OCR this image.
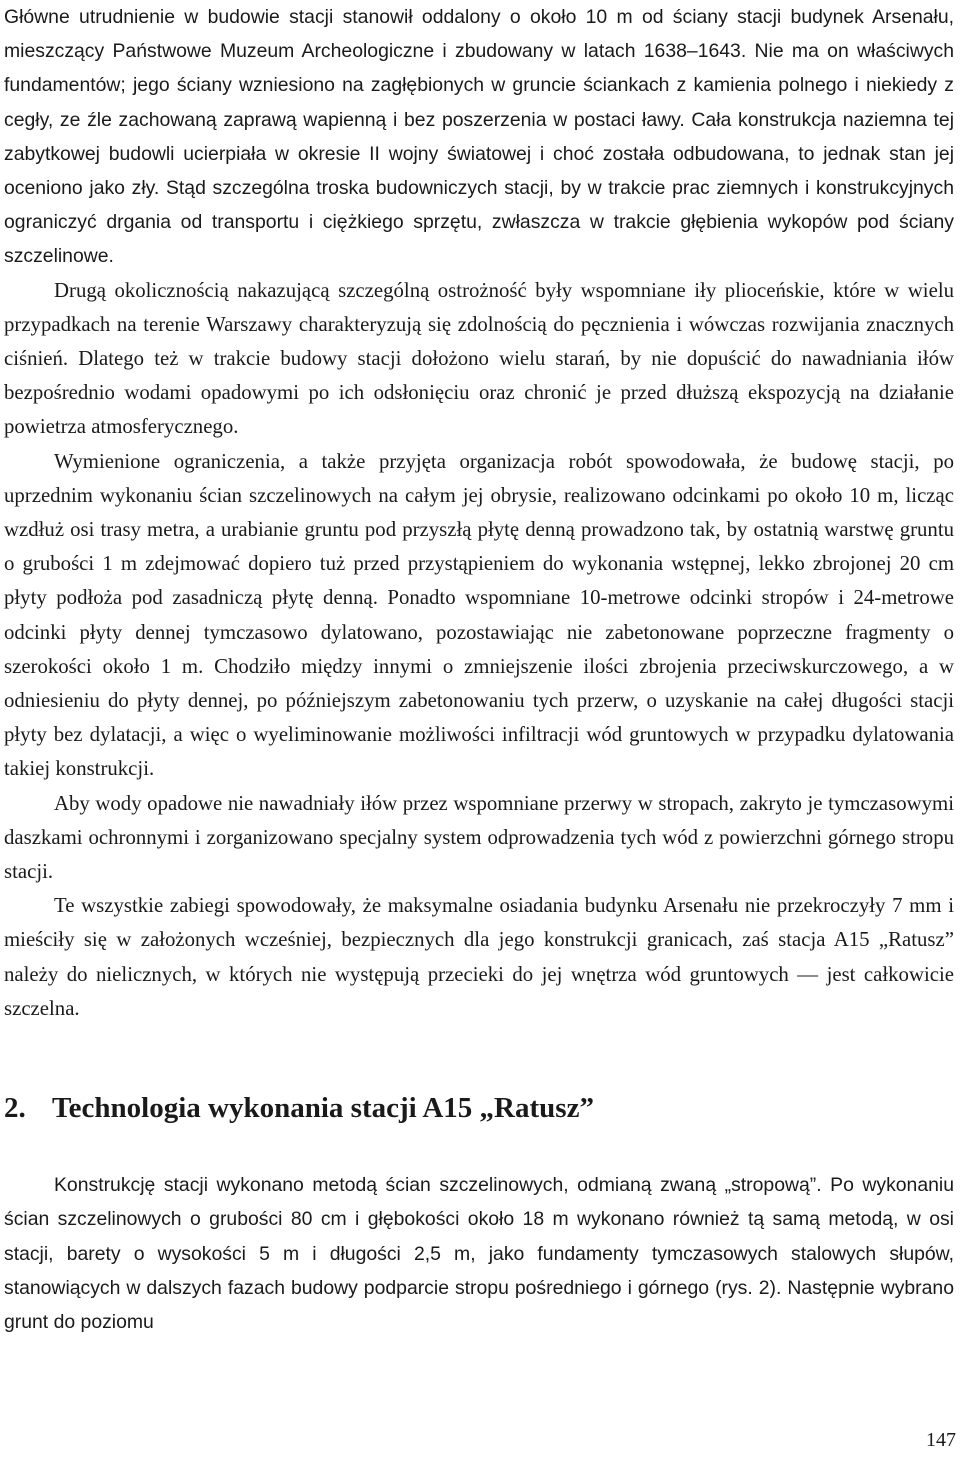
Główne utrudnienie w budowie stacji stanowił oddalony o około 10 m od ściany stacji budynek Arsenału, mieszczący Państwowe Muzeum Archeologiczne i zbudowany w latach 1638–1643. Nie ma on właściwych fundamentów; jego ściany wzniesiono na zagłębionych w gruncie ściankach z kamienia polnego i niekiedy z cegły, ze źle zachowaną zaprawą wapienną i bez poszerzenia w postaci ławy. Cała konstrukcja naziemna tej zabytkowej budowli ucierpiała w okresie II wojny światowej i choć została odbudowana, to jednak stan jej oceniono jako zły. Stąd szczególna troska budowniczych stacji, by w trakcie prac ziemnych i konstrukcyjnych ograniczyć drgania od transportu i ciężkiego sprzętu, zwłaszcza w trakcie głębienia wykopów pod ściany szczelinowe.

Drugą okolicznością nakazującą szczególną ostrożność były wspomniane iły plioceńskie, które w wielu przypadkach na terenie Warszawy charakteryzują się zdolnością do pęcznienia i wówczas rozwijania znacznych ciśnień. Dlatego też w trakcie budowy stacji dołożono wielu starań, by nie dopuścić do nawadniania iłów bezpośrednio wodami opadowymi po ich odsłonięciu oraz chronić je przed dłuższą ekspozycją na działanie powietrza atmosferycznego.

Wymienione ograniczenia, a także przyjęta organizacja robót spowodowała, że budowę stacji, po uprzednim wykonaniu ścian szczelinowych na całym jej obrysie, realizowano odcinkami po około 10 m, licząc wzdłuż osi trasy metra, a urabianie gruntu pod przyszłą płytę denną prowadzono tak, by ostatnią warstwę gruntu o grubości 1 m zdejmować dopiero tuż przed przystąpieniem do wykonania wstępnej, lekko zbrojonej 20 cm płyty podłoża pod zasadniczą płytę denną. Ponadto wspomniane 10-metrowe odcinki stropów i 24-metrowe odcinki płyty dennej tymczasowo dylatowano, pozostawiając nie zabetonowane poprzeczne fragmenty o szerokości około 1 m. Chodziło między innymi o zmniejszenie ilości zbrojenia przeciwskurczowego, a w odniesieniu do płyty dennej, po późniejszym zabetonowaniu tych przerw, o uzyskanie na całej długości stacji płyty bez dylatacji, a więc o wyeliminowanie możliwości infiltracji wód gruntowych w przypadku dylatowania takiej konstrukcji.

Aby wody opadowe nie nawadniały iłów przez wspomniane przerwy w stropach, zakryto je tymczasowymi daszkami ochronnymi i zorganizowano specjalny system odprowadzenia tych wód z powierzchni górnego stropu stacji.

Te wszystkie zabiegi spowodowały, że maksymalne osiadania budynku Arsenału nie przekroczyły 7 mm i mieściły się w założonych wcześniej, bezpiecznych dla jego konstrukcji granicach, zaś stacja A15 „Ratusz” należy do nielicznych, w których nie występują przecieki do jej wnętrza wód gruntowych — jest całkowicie szczelna.

2. Technologia wykonania stacji A15 „Ratusz”

Konstrukcję stacji wykonano metodą ścian szczelinowych, odmianą zwaną „stropową”. Po wykonaniu ścian szczelinowych o grubości 80 cm i głębokości około 18 m wykonano również tą samą metodą, w osi stacji, barety o wysokości 5 m i długości 2,5 m, jako fundamenty tymczasowych stalowych słupów, stanowiących w dalszych fazach budowy podparcie stropu pośredniego i górnego (rys. 2). Następnie wybrano grunt do poziomu

147
